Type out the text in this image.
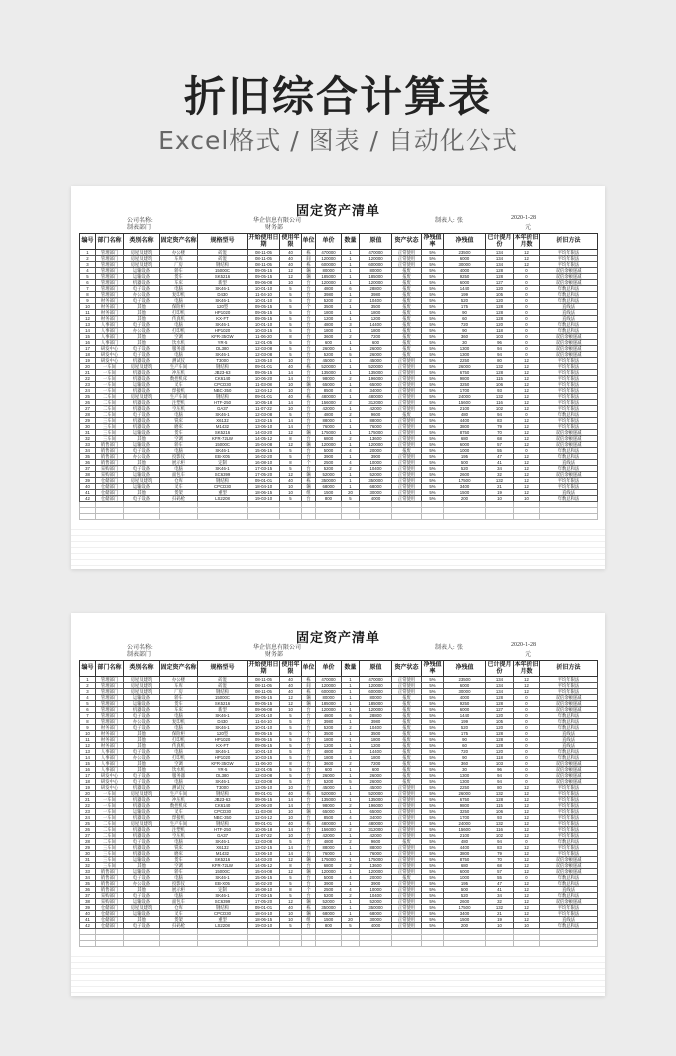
折旧综合计算表
Excel格式 / 图表 / 自动化公式
固定资产清单
公司名称:	华企信息有限公司
制表部门	财务部
制表人: 张	2020-1-28
元
编号	部门名称	类别名称	固定资产名称	规格型号	开始使用日期	使用年限	单位	单价	数量	原值	资产状态	净残值率	净残值	已计提月份	本年折旧月数	折旧方法
1	管理部门	房屋及建筑	办公楼	砖混	08-11-05	40	栋	470000	1	470000	正常使用	5%	23500	134	12	平均年限法
2	管理部门	房屋及建筑	车库	砖混	08-11-05	40	间	120000	1	120000	正常使用	5%	6000	134	12	平均年限法
3	管理部门	房屋及建筑	厂房	钢结构	08-11-05	40	栋	600000	1	600000	正常使用	5%	30000	134	12	平均年限法
4	管理部门	运输设备	轿车	15000C	09-05-15	12	辆	80000	1	80000	报废	5%	4000	128	0	双倍余额递减
5	管理部门	运输设备	货车	SK5216	09-05-15	12	辆	185000	1	185000	报废	5%	9250	128	0	双倍余额递减
6	管理部门	机器设备	车床	新型	09-06-08	10	台	120000	1	120000	报废	5%	6000	127	0	双倍余额递减
7	管理部门	电子设备	电脑	SK46-1	10-01-10	5	台	4800	6	28800	报废	5%	1440	120	0	年数总和法
8	管理部门	办公设备	复印机	D430	11-04-10	5	台	3980	1	3980	报废	5%	199	105	0	年数总和法
9	财务部门	电子设备	电脑	SK46-1	10-01-10	5	台	5200	2	10400	报废	5%	520	120	0	年数总和法
10	财务部门	其他	保险柜	120型	09-05-15	5	个	3500	1	3500	报废	5%	175	128	0	直线法
11	财务部门	其他	打印机	HP1020	09-05-15	5	台	1800	1	1800	报废	5%	90	128	0	直线法
12	财务部门	其他	传真机	KX-FT	09-05-15	5	台	1200	1	1200	报废	5%	60	128	0	直线法
13	人事部门	电子设备	电脑	SK46-1	10-01-10	5	台	4800	3	14400	报废	5%	720	120	0	年数总和法
14	人事部门	办公设备	打印机	HP1020	10-03-15	5	台	1800	1	1800	报废	5%	90	118	0	年数总和法
15	人事部门	其他	空调	KFR-35GW	11-06-20	8	台	3600	2	7200	报废	5%	360	103	0	双倍余额递减
16	人事部门	其他	饮水机	YR-5	12-01-05	5	台	600	1	600	报废	5%	30	96	0	双倍余额递减
17	研发中心	电子设备	服务器	DL380	12-03-08	5	台	26000	1	26000	报废	5%	1300	94	0	双倍余额递减
18	研发中心	电子设备	电脑	SK46-1	12-03-08	5	台	5200	5	26000	报废	5%	1300	94	0	双倍余额递减
19	研发中心	机器设备	测试仪	T3000	13-05-10	10	台	45000	1	45000	正常使用	5%	2250	80	12	平均年限法
20	一车间	房屋及建筑	生产车间	钢结构	09-01-01	40	栋	520000	1	520000	正常使用	5%	26000	132	12	平均年限法
21	一车间	机器设备	冲压机	JB23-63	09-05-15	14	台	135000	1	135000	正常使用	5%	6750	128	12	平均年限法
22	一车间	机器设备	数控机床	CK6140	10-06-20	14	台	98000	2	196000	正常使用	5%	9800	115	12	平均年限法
23	一车间	运输设备	叉车	CPCD30	11-03-08	10	辆	65000	1	65000	正常使用	5%	3250	106	12	平均年限法
24	一车间	机器设备	焊接机	NBC-350	12-04-12	10	台	8500	4	34000	正常使用	5%	1700	93	12	平均年限法
25	二车间	房屋及建筑	生产车间	钢结构	09-01-01	40	栋	480000	1	480000	正常使用	5%	24000	132	12	平均年限法
26	二车间	机器设备	注塑机	HTF-250	10-05-18	14	台	156000	2	312000	正常使用	5%	15600	116	12	平均年限法
27	二车间	机器设备	空压机	GA37	11-07-22	10	台	42000	1	42000	正常使用	5%	2100	102	12	平均年限法
28	二车间	电子设备	电脑	SK46-1	12-03-08	5	台	4800	2	9600	报废	5%	480	94	0	年数总和法
29	三车间	机器设备	铣床	X6132	13-02-15	14	台	88000	1	88000	正常使用	5%	4400	83	12	平均年限法
30	三车间	机器设备	磨床	M1432	13-06-10	14	台	76000	1	76000	正常使用	5%	3800	79	12	平均年限法
31	三车间	运输设备	货车	SK5216	14-03-20	12	辆	175000	1	175000	正常使用	5%	8750	70	12	双倍余额递减
32	三车间	其他	空调	KFR-72LW	14-05-12	8	台	6800	2	13600	正常使用	5%	680	68	12	双倍余额递减
33	销售部门	运输设备	轿车	15000C	15-04-08	12	辆	120000	1	120000	正常使用	5%	6000	57	12	双倍余额递减
34	销售部门	电子设备	电脑	SK46-1	15-06-15	5	台	5000	4	20000	报废	5%	1000	55	0	年数总和法
35	销售部门	办公设备	投影仪	EB-X05	16-02-20	5	台	3900	1	3900	正常使用	5%	195	47	12	年数总和法
36	销售部门	其他	展示柜	定制	16-08-10	8	个	2500	4	10000	正常使用	5%	500	41	12	直线法
37	采购部门	电子设备	电脑	SK46-1	17-03-15	5	台	5200	2	10400	正常使用	5%	520	34	12	年数总和法
38	采购部门	运输设备	面包车	SC6399	17-05-20	12	辆	52000	1	52000	正常使用	5%	2600	32	12	双倍余额递减
39	仓储部门	房屋及建筑	仓库	钢结构	09-01-01	40	栋	350000	1	350000	正常使用	5%	17500	132	12	平均年限法
40	仓储部门	运输设备	叉车	CPCD30	18-04-10	10	辆	68000	1	68000	正常使用	5%	3400	21	12	平均年限法
41	仓储部门	其他	货架	重型	18-06-15	10	组	1500	20	30000	正常使用	5%	1500	19	12	直线法
42	仓储部门	电子设备	扫码枪	LS2208	19-03-10	5	台	800	5	4000	正常使用	5%	200	10	10	年数总和法

固定资产清单
公司名称:	华企信息有限公司
制表部门	财务部
制表人: 张	2020-1-28
元
编号	部门名称	类别名称	固定资产名称	规格型号	开始使用日期	使用年限	单位	单价	数量	原值	资产状态	净残值率	净残值	已计提月份	本年折旧月数	折旧方法
1	管理部门	房屋及建筑	办公楼	砖混	08-11-05	40	栋	470000	1	470000	正常使用	5%	23500	134	12	平均年限法
2	管理部门	房屋及建筑	车库	砖混	08-11-05	40	间	120000	1	120000	正常使用	5%	6000	134	12	平均年限法
3	管理部门	房屋及建筑	厂房	钢结构	08-11-05	40	栋	600000	1	600000	正常使用	5%	30000	134	12	平均年限法
4	管理部门	运输设备	轿车	15000C	09-05-15	12	辆	80000	1	80000	报废	5%	4000	128	0	双倍余额递减
5	管理部门	运输设备	货车	SK5216	09-05-15	12	辆	185000	1	185000	报废	5%	9250	128	0	双倍余额递减
6	管理部门	机器设备	车床	新型	09-06-08	10	台	120000	1	120000	报废	5%	6000	127	0	双倍余额递减
7	管理部门	电子设备	电脑	SK46-1	10-01-10	5	台	4800	6	28800	报废	5%	1440	120	0	年数总和法
8	管理部门	办公设备	复印机	D430	11-04-10	5	台	3980	1	3980	报废	5%	199	105	0	年数总和法
9	财务部门	电子设备	电脑	SK46-1	10-01-10	5	台	5200	2	10400	报废	5%	520	120	0	年数总和法
10	财务部门	其他	保险柜	120型	09-05-15	5	个	3500	1	3500	报废	5%	175	128	0	直线法
11	财务部门	其他	打印机	HP1020	09-05-15	5	台	1800	1	1800	报废	5%	90	128	0	直线法
12	财务部门	其他	传真机	KX-FT	09-05-15	5	台	1200	1	1200	报废	5%	60	128	0	直线法
13	人事部门	电子设备	电脑	SK46-1	10-01-10	5	台	4800	3	14400	报废	5%	720	120	0	年数总和法
14	人事部门	办公设备	打印机	HP1020	10-03-15	5	台	1800	1	1800	报废	5%	90	118	0	年数总和法
15	人事部门	其他	空调	KFR-35GW	11-06-20	8	台	3600	2	7200	报废	5%	360	103	0	双倍余额递减
16	人事部门	其他	饮水机	YR-5	12-01-05	5	台	600	1	600	报废	5%	30	96	0	双倍余额递减
17	研发中心	电子设备	服务器	DL380	12-03-08	5	台	26000	1	26000	报废	5%	1300	94	0	双倍余额递减
18	研发中心	电子设备	电脑	SK46-1	12-03-08	5	台	5200	5	26000	报废	5%	1300	94	0	双倍余额递减
19	研发中心	机器设备	测试仪	T3000	13-05-10	10	台	45000	1	45000	正常使用	5%	2250	80	12	平均年限法
20	一车间	房屋及建筑	生产车间	钢结构	09-01-01	40	栋	520000	1	520000	正常使用	5%	26000	132	12	平均年限法
21	一车间	机器设备	冲压机	JB23-63	09-05-15	14	台	135000	1	135000	正常使用	5%	6750	128	12	平均年限法
22	一车间	机器设备	数控机床	CK6140	10-06-20	14	台	98000	2	196000	正常使用	5%	9800	115	12	平均年限法
23	一车间	运输设备	叉车	CPCD30	11-03-08	10	辆	65000	1	65000	正常使用	5%	3250	106	12	平均年限法
24	一车间	机器设备	焊接机	NBC-350	12-04-12	10	台	8500	4	34000	正常使用	5%	1700	93	12	平均年限法
25	二车间	房屋及建筑	生产车间	钢结构	09-01-01	40	栋	480000	1	480000	正常使用	5%	24000	132	12	平均年限法
26	二车间	机器设备	注塑机	HTF-250	10-05-18	14	台	156000	2	312000	正常使用	5%	15600	116	12	平均年限法
27	二车间	机器设备	空压机	GA37	11-07-22	10	台	42000	1	42000	正常使用	5%	2100	102	12	平均年限法
28	二车间	电子设备	电脑	SK46-1	12-03-08	5	台	4800	2	9600	报废	5%	480	94	0	年数总和法
29	三车间	机器设备	铣床	X6132	13-02-15	14	台	88000	1	88000	正常使用	5%	4400	83	12	平均年限法
30	三车间	机器设备	磨床	M1432	13-06-10	14	台	76000	1	76000	正常使用	5%	3800	79	12	平均年限法
31	三车间	运输设备	货车	SK5216	14-03-20	12	辆	175000	1	175000	正常使用	5%	8750	70	12	双倍余额递减
32	三车间	其他	空调	KFR-72LW	14-05-12	8	台	6800	2	13600	正常使用	5%	680	68	12	双倍余额递减
33	销售部门	运输设备	轿车	15000C	15-04-08	12	辆	120000	1	120000	正常使用	5%	6000	57	12	双倍余额递减
34	销售部门	电子设备	电脑	SK46-1	15-06-15	5	台	5000	4	20000	报废	5%	1000	55	0	年数总和法
35	销售部门	办公设备	投影仪	EB-X05	16-02-20	5	台	3900	1	3900	正常使用	5%	195	47	12	年数总和法
36	销售部门	其他	展示柜	定制	16-08-10	8	个	2500	4	10000	正常使用	5%	500	41	12	直线法
37	采购部门	电子设备	电脑	SK46-1	17-03-15	5	台	5200	2	10400	正常使用	5%	520	34	12	年数总和法
38	采购部门	运输设备	面包车	SC6399	17-05-20	12	辆	52000	1	52000	正常使用	5%	2600	32	12	双倍余额递减
39	仓储部门	房屋及建筑	仓库	钢结构	09-01-01	40	栋	350000	1	350000	正常使用	5%	17500	132	12	平均年限法
40	仓储部门	运输设备	叉车	CPCD30	18-04-10	10	辆	68000	1	68000	正常使用	5%	3400	21	12	平均年限法
41	仓储部门	其他	货架	重型	18-06-15	10	组	1500	20	30000	正常使用	5%	1500	19	12	直线法
42	仓储部门	电子设备	扫码枪	LS2208	19-03-10	5	台	800	5	4000	正常使用	5%	200	10	10	年数总和法
